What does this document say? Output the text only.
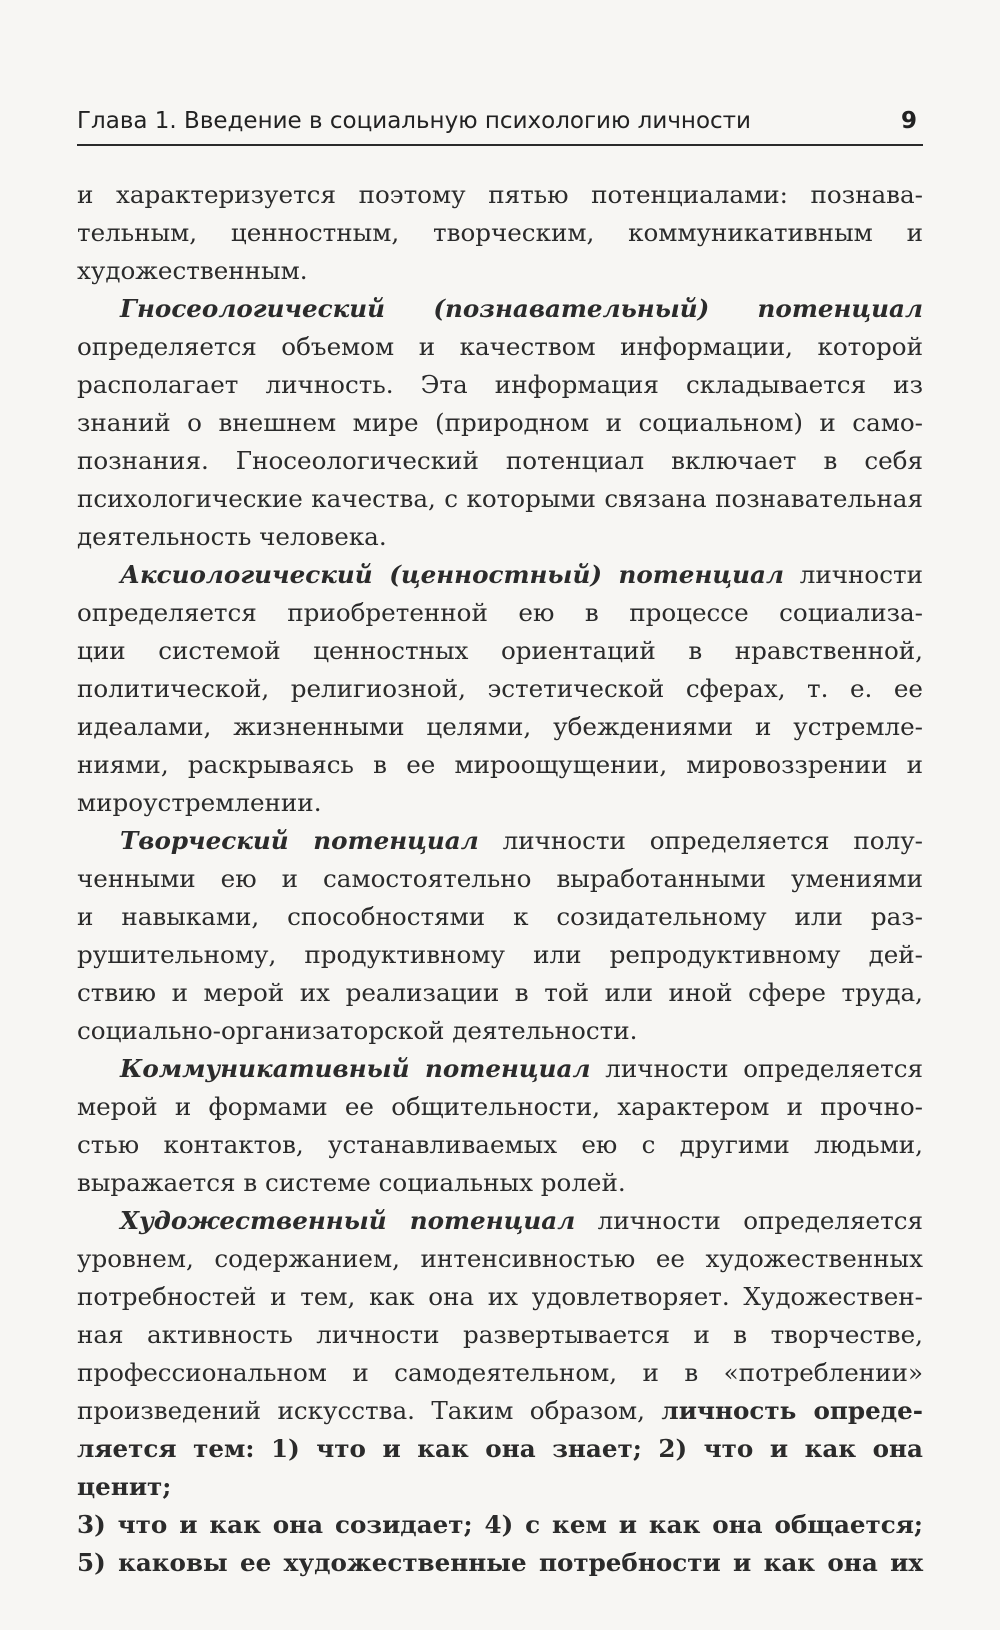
Глава 1. Введение в социальную психологию личности	9

и характеризуется поэтому пятью потенциалами: познава-

тельным, ценностным, творческим, коммуникативным и

художественным.

Гносеологический (познавательный) потенциал

определяется объемом и качеством информации, которой

располагает личность. Эта информация складывается из

знаний о внешнем мире (природном и социальном) и само-

познания. Гносеологический потенциал включает в себя

психологические качества, с которыми связана познавательная

деятельность человека.

Аксиологический (ценностный) потенциал личности

определяется приобретенной ею в процессе социализа-

ции системой ценностных ориентаций в нравственной,

политической, религиозной, эстетической сферах, т. е. ее

идеалами, жизненными целями, убеждениями и устремле-

ниями, раскрываясь в ее мироощущении, мировоззрении и

мироустремлении.

Творческий потенциал личности определяется полу-

ченными ею и самостоятельно выработанными умениями

и навыками, способностями к созидательному или раз-

рушительному, продуктивному или репродуктивному дей-

ствию и мерой их реализации в той или иной сфере труда,

социально-организаторской деятельности.

Коммуникативный потенциал личности определяется

мерой и формами ее общительности, характером и прочно-

стью контактов, устанавливаемых ею с другими людьми,

выражается в системе социальных ролей.

Художественный потенциал личности определяется

уровнем, содержанием, интенсивностью ее художественных

потребностей и тем, как она их удовлетворяет. Художествен-

ная активность личности развертывается и в творчестве,

профессиональном и самодеятельном, и в «потреблении»

произведений искусства. Таким образом, личность опреде-

ляется тем: 1) что и как она знает; 2) что и как она ценит;

3) что и как она созидает; 4) с кем и как она общается;

5) каковы ее художественные потребности и как она их
